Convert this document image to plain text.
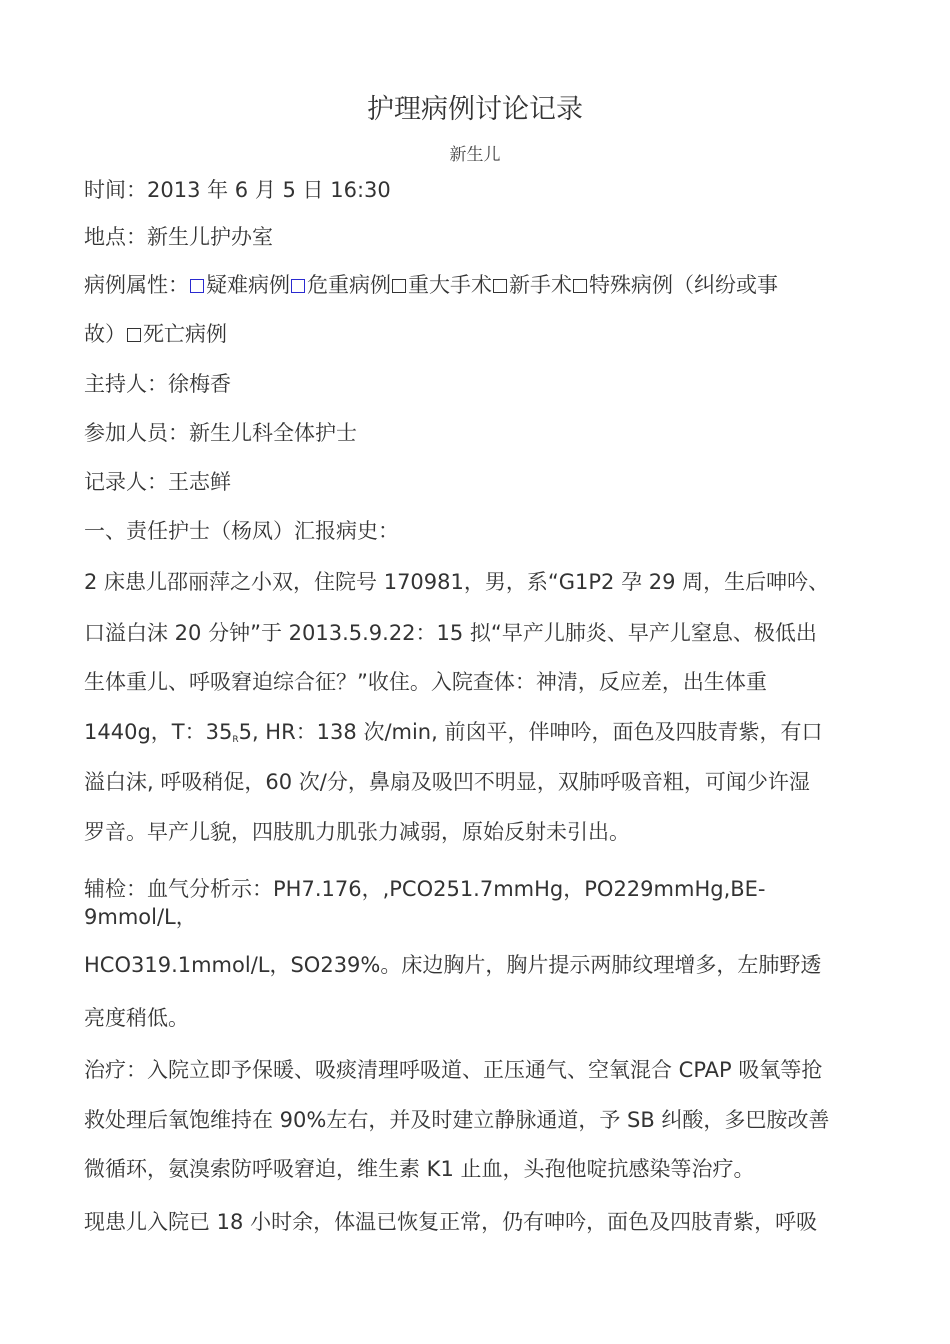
护理病例讨论记录
新生儿
时间：2013 年 6 月 5 日 16:30
地点：新生儿护办室
病例属性： 疑难病例 危重病例 重大手术 新手术 特殊病例（纠纷或事
故） 死亡病例
主持人：徐梅香
参加人员：新生儿科全体护士
记录人：王志鲜
一、责任护士（杨凤）汇报病史：
2 床患儿邵丽萍之小双，住院号 170981，男，系“G1P2 孕 29 周，生后呻吟、
口溢白沫 20 分钟”于 2013.5.9.22：15 拟“早产儿肺炎、早产儿窒息、极低出
生体重儿、呼吸窘迫综合征？”收住。入院查体：神清，反应差，出生体重
1440g，T：35R5, HR：138 次/min, 前囟平，伴呻吟，面色及四肢青紫，有口
溢白沫, 呼吸稍促，60 次/分，鼻扇及吸凹不明显，双肺呼吸音粗，可闻少许湿
罗音。早产儿貌，四肢肌力肌张力减弱，原始反射未引出。
辅检：血气分析示：PH7.176，,PCO251.7mmHg，PO229mmHg,BE-
9mmol/L，
HCO319.1mmol/L，SO239%。床边胸片，胸片提示两肺纹理增多，左肺野透
亮度稍低。
治疗：入院立即予保暖、吸痰清理呼吸道、正压通气、空氧混合 CPAP 吸氧等抢
救处理后氧饱维持在 90%左右，并及时建立静脉通道，予 SB 纠酸，多巴胺改善
微循环，氨溴索防呼吸窘迫，维生素 K1 止血，头孢他啶抗感染等治疗。
现患儿入院已 18 小时余，体温已恢复正常，仍有呻吟，面色及四肢青紫，呼吸
